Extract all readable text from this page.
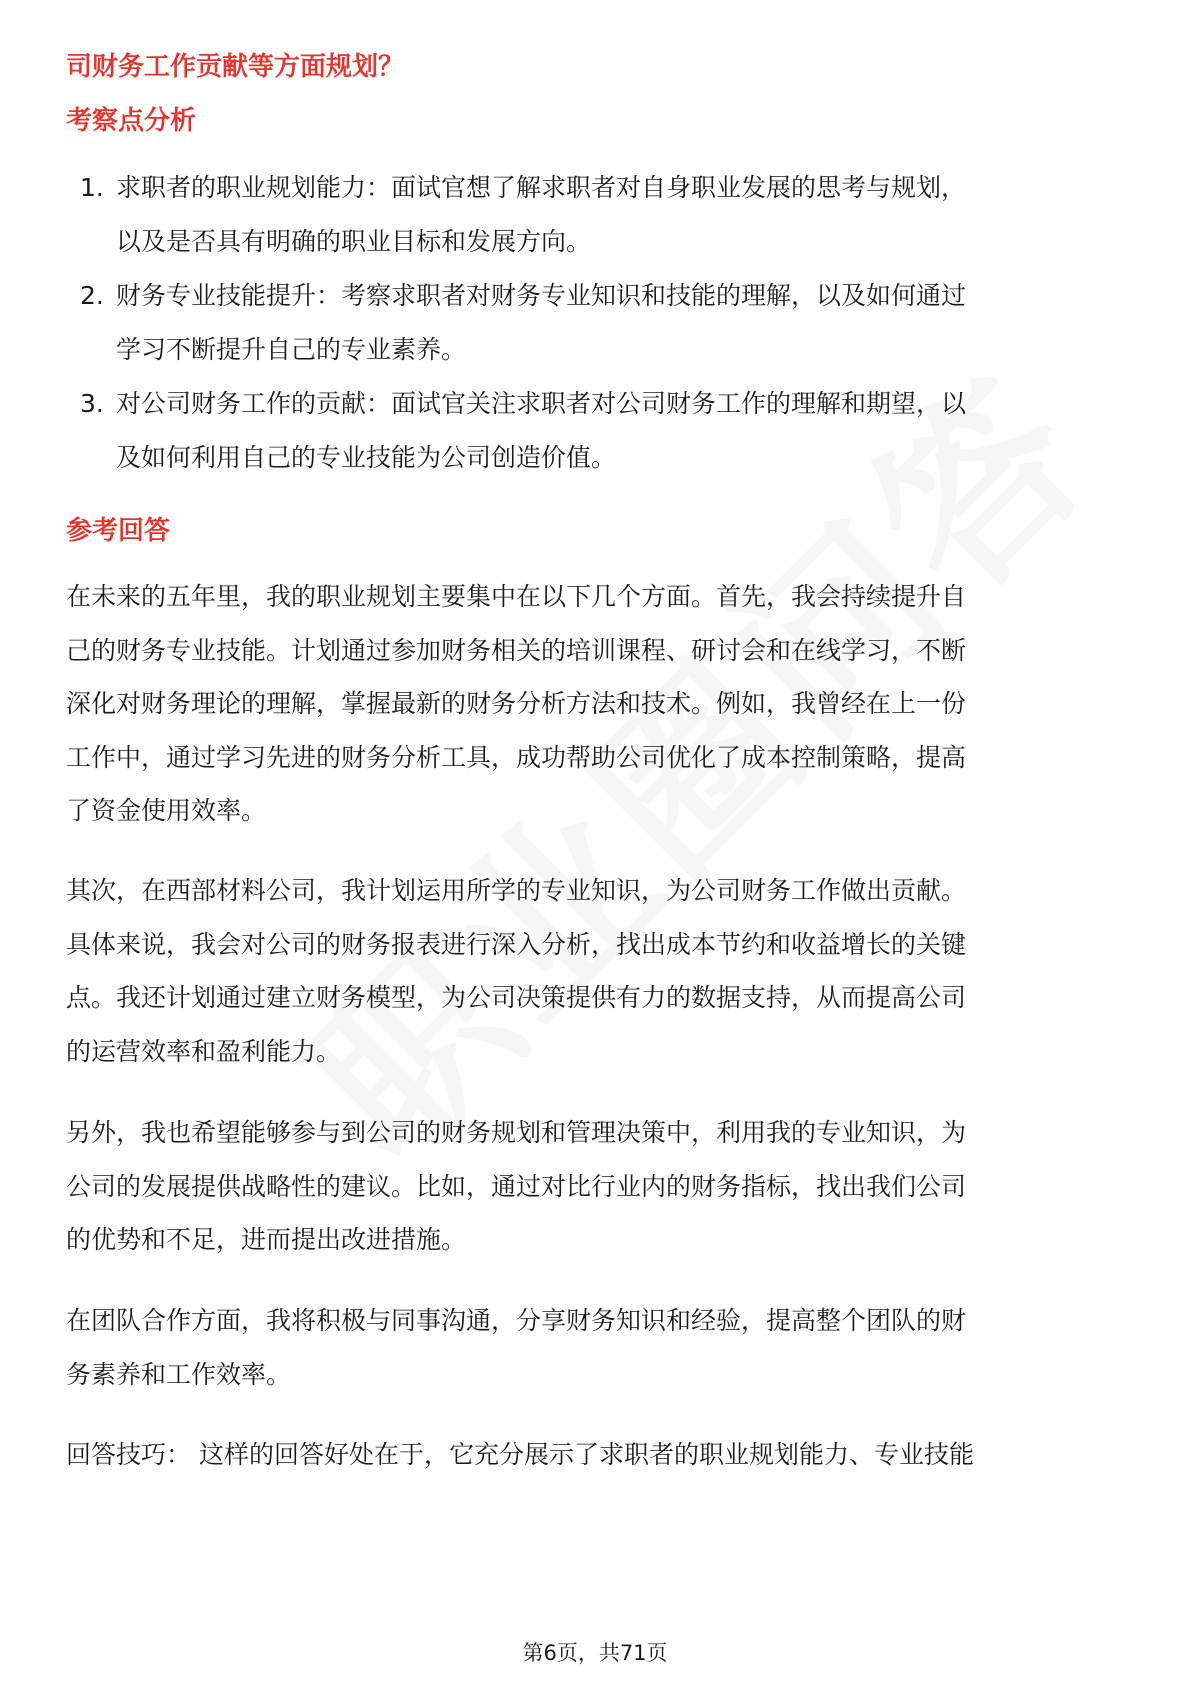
司财务工作贡献等方面规划？
考察点分析
1. 求职者的职业规划能力：面试官想了解求职者对自身职业发展的思考与规划，
以及是否具有明确的职业目标和发展方向。
2. 财务专业技能提升：考察求职者对财务专业知识和技能的理解，以及如何通过
学习不断提升自己的专业素养。
3. 对公司财务工作的贡献：面试官关注求职者对公司财务工作的理解和期望，以
及如何利用自己的专业技能为公司创造价值。
参考回答
在未来的五年里，我的职业规划主要集中在以下几个方面。首先，我会持续提升自
己的财务专业技能。计划通过参加财务相关的培训课程、研讨会和在线学习，不断
深化对财务理论的理解，掌握最新的财务分析方法和技术。例如，我曾经在上一份
工作中，通过学习先进的财务分析工具，成功帮助公司优化了成本控制策略，提高
了资金使用效率。
其次，在西部材料公司，我计划运用所学的专业知识，为公司财务工作做出贡献。
具体来说，我会对公司的财务报表进行深入分析，找出成本节约和收益增长的关键
点。我还计划通过建立财务模型，为公司决策提供有力的数据支持，从而提高公司
的运营效率和盈利能力。
另外，我也希望能够参与到公司的财务规划和管理决策中，利用我的专业知识，为
公司的发展提供战略性的建议。比如，通过对比行业内的财务指标，找出我们公司
的优势和不足，进而提出改进措施。
在团队合作方面，我将积极与同事沟通，分享财务知识和经验，提高整个团队的财
务素养和工作效率。
回答技巧： 这样的回答好处在于，它充分展示了求职者的职业规划能力、专业技能
第6页，共71页
